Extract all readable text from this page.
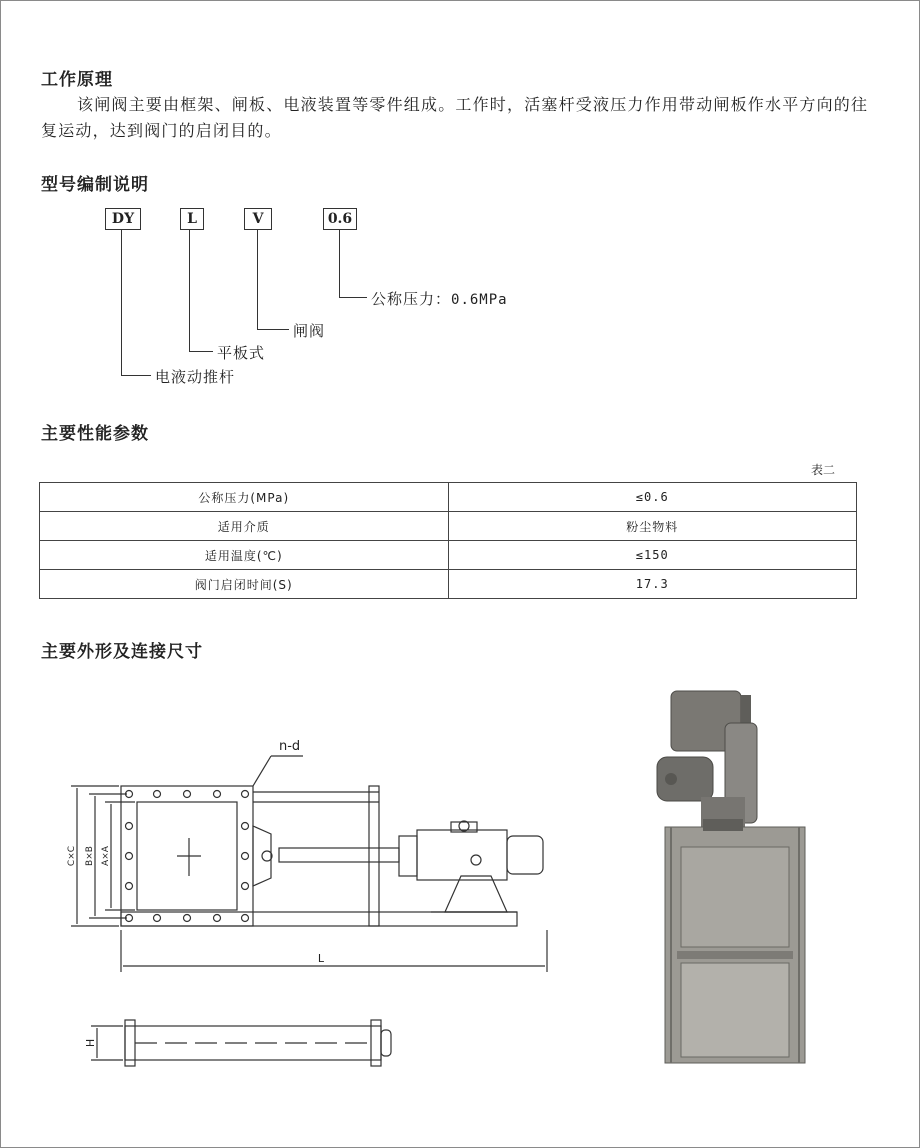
工作原理
该闸阀主要由框架、闸板、电液装置等零件组成。工作时，活塞杆受液压力作用带动闸板作水平方向的往复运动，达到阀门的启闭目的。
型号编制说明
DY	L	V	0.6
公称压力：0.6MPa
闸阀
平板式
电液动推杆
主要性能参数
表二
公称压力(MPa)	≤0.6
适用介质	粉尘物料
适用温度(℃)	≤150
阀门启闭时间(S)	17.3
主要外形及连接尺寸
n-d
C×C B×B A×A
L
H
